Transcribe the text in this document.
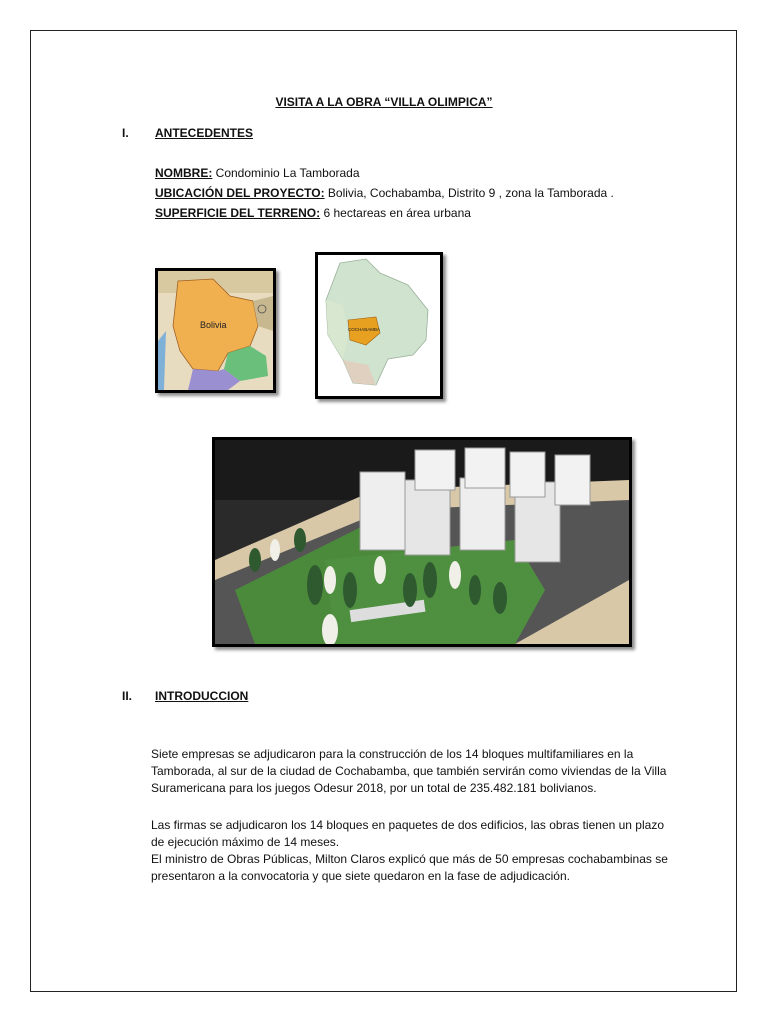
VISITA A LA OBRA “VILLA OLIMPICA”
I. ANTECEDENTES
NOMBRE: Condominio La Tamborada
UBICACIÓN DEL PROYECTO: Bolivia, Cochabamba, Distrito 9 , zona la Tamborada .
SUPERFICIE DEL TERRENO: 6 hectareas en área urbana
Bolivia	COCHABAMBA
II. INTRODUCCION
Siete empresas se adjudicaron para la construcción de los 14 bloques multifamiliares en la Tamborada, al sur de la ciudad de Cochabamba, que también servirán como viviendas de la Villa Suramericana para los juegos Odesur 2018, por un total de 235.482.181 bolivianos.
Las firmas se adjudicaron los 14 bloques en paquetes de dos edificios, las obras tienen un plazo de ejecución máximo de 14 meses.
El ministro de Obras Públicas, Milton Claros explicó que más de 50 empresas cochabambinas se presentaron a la convocatoria y que siete quedaron en la fase de adjudicación.
